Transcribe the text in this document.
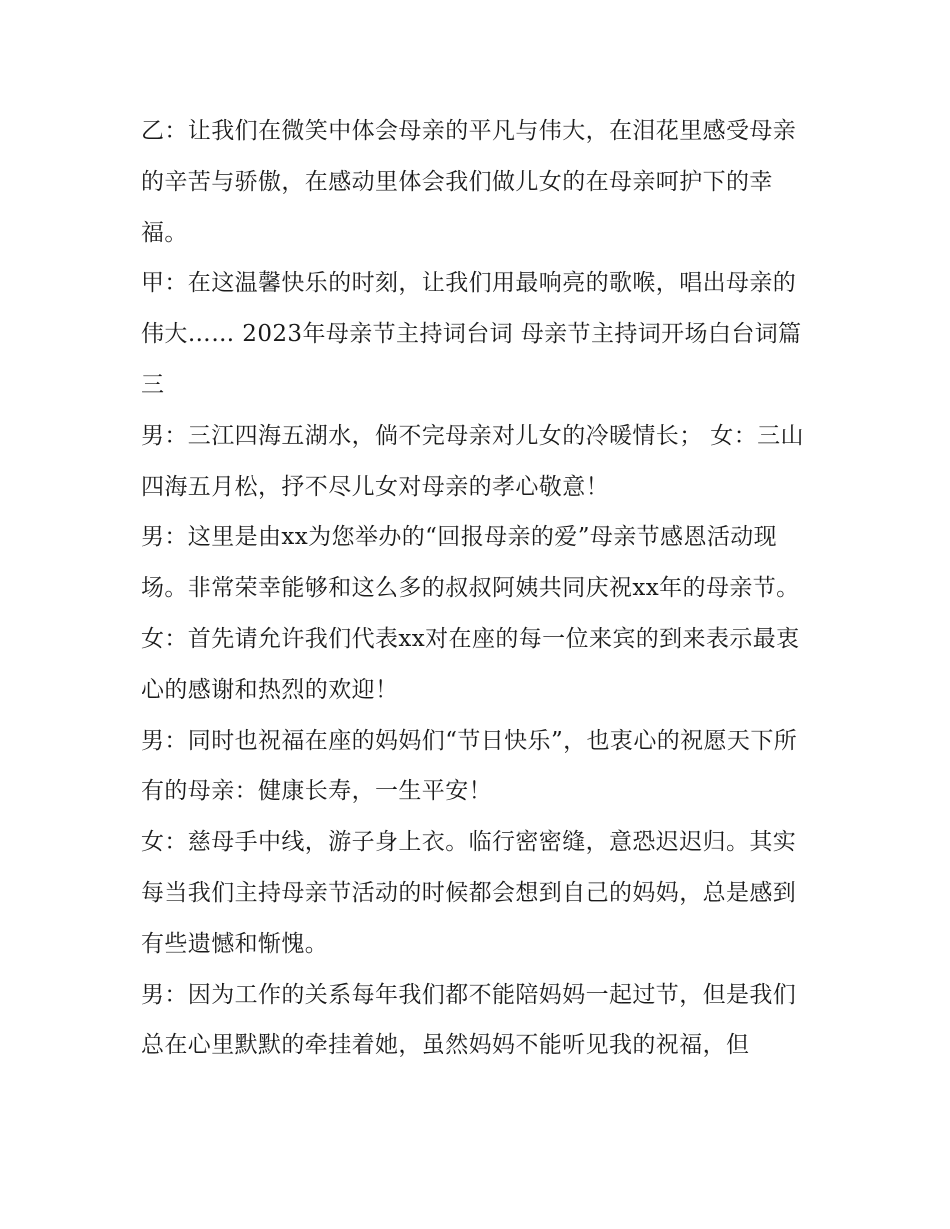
乙：让我们在微笑中体会母亲的平凡与伟大，在泪花里感受母亲的辛苦与骄傲，在感动里体会我们做儿女的在母亲呵护下的幸福。

甲：在这温馨快乐的时刻，让我们用最响亮的歌喉，唱出母亲的伟大…… 2023年母亲节主持词台词 母亲节主持词开场白台词篇三

男：三江四海五湖水，倘不完母亲对儿女的冷暖情长； 女：三山四海五月松，抒不尽儿女对母亲的孝心敬意！

男：这里是由xx为您举办的“回报母亲的爱”母亲节感恩活动现场。非常荣幸能够和这么多的叔叔阿姨共同庆祝xx年的母亲节。

女：首先请允许我们代表xx对在座的每一位来宾的到来表示最衷心的感谢和热烈的欢迎！

男：同时也祝福在座的妈妈们“节日快乐”，也衷心的祝愿天下所有的母亲：健康长寿，一生平安！

女：慈母手中线，游子身上衣。临行密密缝，意恐迟迟归。其实每当我们主持母亲节活动的时候都会想到自己的妈妈，总是感到有些遗憾和惭愧。

男：因为工作的关系每年我们都不能陪妈妈一起过节，但是我们总在心里默默的牵挂着她，虽然妈妈不能听见我的祝福，但
